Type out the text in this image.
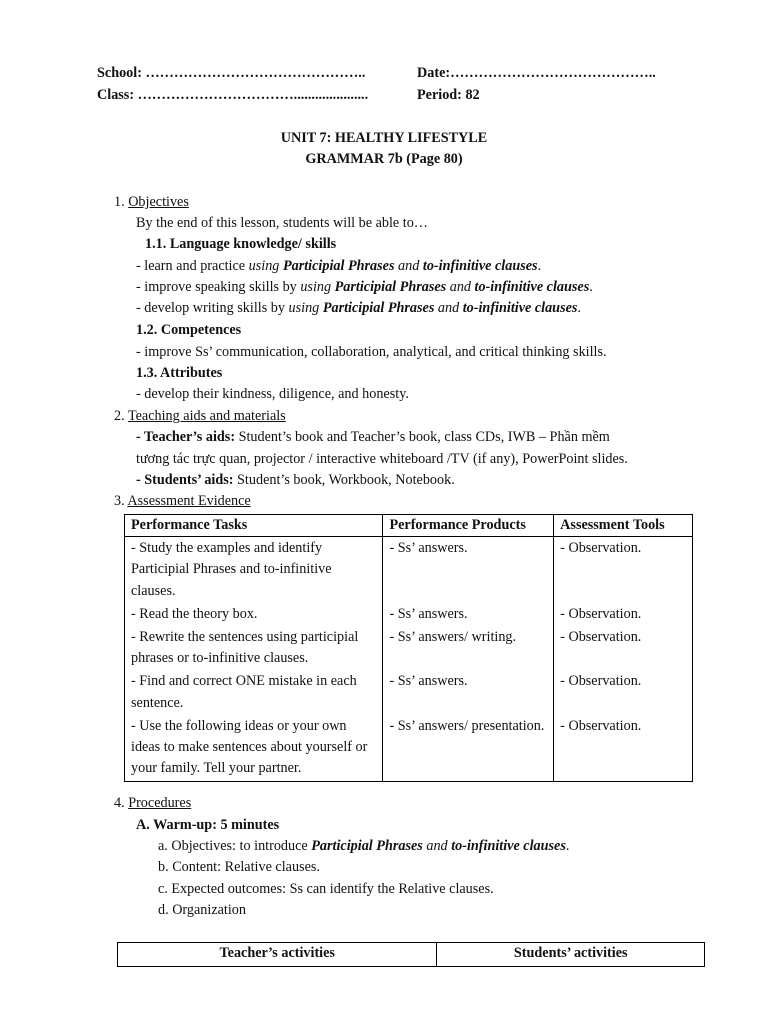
School: ………………………………………..	Date:……………………………………..
Class: …………………………….....................	Period: 82
UNIT 7: HEALTHY LIFESTYLE
GRAMMAR 7b (Page 80)
1. Objectives
By the end of this lesson, students will be able to…
1.1. Language knowledge/ skills
- learn and practice using Participial Phrases and to-infinitive clauses.
- improve speaking skills by using Participial Phrases and to-infinitive clauses.
- develop writing skills by using Participial Phrases and to-infinitive clauses.
1.2. Competences
- improve Ss’ communication, collaboration, analytical, and critical thinking skills.
1.3. Attributes
- develop their kindness, diligence, and honesty.
2. Teaching aids and materials
- Teacher’s aids: Student’s book and Teacher’s book, class CDs, IWB – Phần mềm
tương tác trực quan, projector / interactive whiteboard /TV (if any), PowerPoint slides.
- Students’ aids: Student’s book, Workbook, Notebook.
3. Assessment Evidence
Performance Tasks	Performance Products	Assessment Tools
- Study the examples and identify Participial Phrases and to-infinitive clauses.	- Ss’ answers.	- Observation.
- Read the theory box.	- Ss’ answers.	- Observation.
- Rewrite the sentences using participial phrases or to-infinitive clauses.	- Ss’ answers/ writing.	- Observation.
- Find and correct ONE mistake in each sentence.	- Ss’ answers.	- Observation.
- Use the following ideas or your own ideas to make sentences about yourself or your family. Tell your partner.	- Ss’ answers/ presentation.	- Observation.
4. Procedures
A. Warm-up: 5 minutes
a. Objectives: to introduce Participial Phrases and to-infinitive clauses.
b. Content: Relative clauses.
c. Expected outcomes: Ss can identify the Relative clauses.
d. Organization
Teacher’s activities	Students’ activities
